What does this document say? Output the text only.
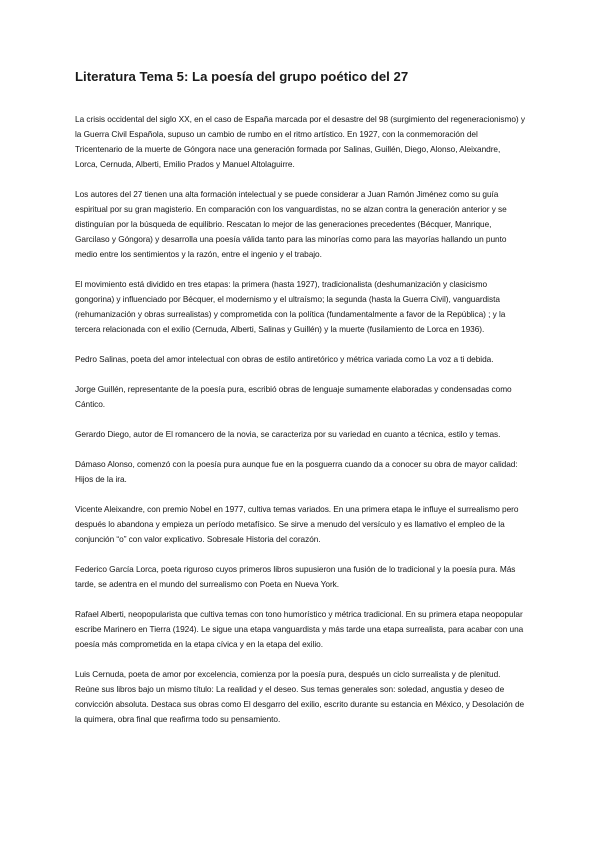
Literatura Tema 5: La poesía del grupo poético del 27

La crisis occidental del siglo XX, en el caso de España marcada por el desastre del 98 (surgimiento del regeneracionismo) y la Guerra Civil Española, supuso un cambio de rumbo en el ritmo artístico. En 1927, con la conmemoración del Tricentenario de la muerte de Góngora nace una generación formada por Salinas, Guillén, Diego, Alonso, Aleixandre, Lorca, Cernuda, Alberti, Emilio Prados y Manuel Altolaguirre.

Los autores del 27 tienen una alta formación intelectual y se puede considerar a Juan Ramón Jiménez como su guía espiritual por su gran magisterio. En comparación con los vanguardistas, no se alzan contra la generación anterior y se distinguían por la búsqueda de equilibrio. Rescatan lo mejor de las generaciones precedentes (Bécquer, Manrique, Garcilaso y Góngora) y desarrolla una poesía válida tanto para las minorías como para las mayorías hallando un punto medio entre los sentimientos y la razón, entre el ingenio y el trabajo.

El movimiento está dividido en tres etapas: la primera (hasta 1927), tradicionalista (deshumanización y clasicismo gongorina) y influenciado por Bécquer, el modernismo y el ultraísmo; la segunda (hasta la Guerra Civil), vanguardista (rehumanización y obras surrealistas) y comprometida con la política (fundamentalmente a favor de la República) ; y la tercera relacionada con el exilio (Cernuda, Alberti, Salinas y Guillén) y la muerte (fusilamiento de Lorca en 1936).

Pedro Salinas, poeta del amor intelectual con obras de estilo antiretórico y métrica variada como La voz a ti debida.

Jorge Guillén, representante de la poesía pura, escribió obras de lenguaje sumamente elaboradas y condensadas como Cántico.

Gerardo Diego, autor de El romancero de la novia, se caracteriza por su variedad en cuanto a técnica, estilo y temas.

Dámaso Alonso, comenzó con la poesía pura aunque fue en la posguerra cuando da a conocer su obra de mayor calidad: Hijos de la ira.

Vicente Aleixandre, con premio Nobel en 1977, cultiva temas variados. En una primera etapa le influye el surrealismo pero después lo abandona y empieza un período metafísico. Se sirve a menudo del versículo y es llamativo el empleo de la conjunción “o” con valor explicativo. Sobresale Historia del corazón.

Federico García Lorca, poeta riguroso cuyos primeros libros supusieron una fusión de lo tradicional y la poesía pura. Más tarde, se adentra en el mundo del surrealismo con Poeta en Nueva York.

Rafael Alberti, neopopularista que cultiva temas con tono humorístico y métrica tradicional. En su primera etapa neopopular escribe Marinero en Tierra (1924). Le sigue una etapa vanguardista y más tarde una etapa surrealista, para acabar con una poesía más comprometida en la etapa cívica y en la etapa del exilio.

Luis Cernuda, poeta de amor por excelencia, comienza por la poesía pura, después un ciclo surrealista y de plenitud. Reúne sus libros bajo un mismo título: La realidad y el deseo. Sus temas generales son: soledad, angustia y deseo de convicción absoluta. Destaca sus obras como El desgarro del exilio, escrito durante su estancia en México, y Desolación de la quimera, obra final que reafirma todo su pensamiento.
